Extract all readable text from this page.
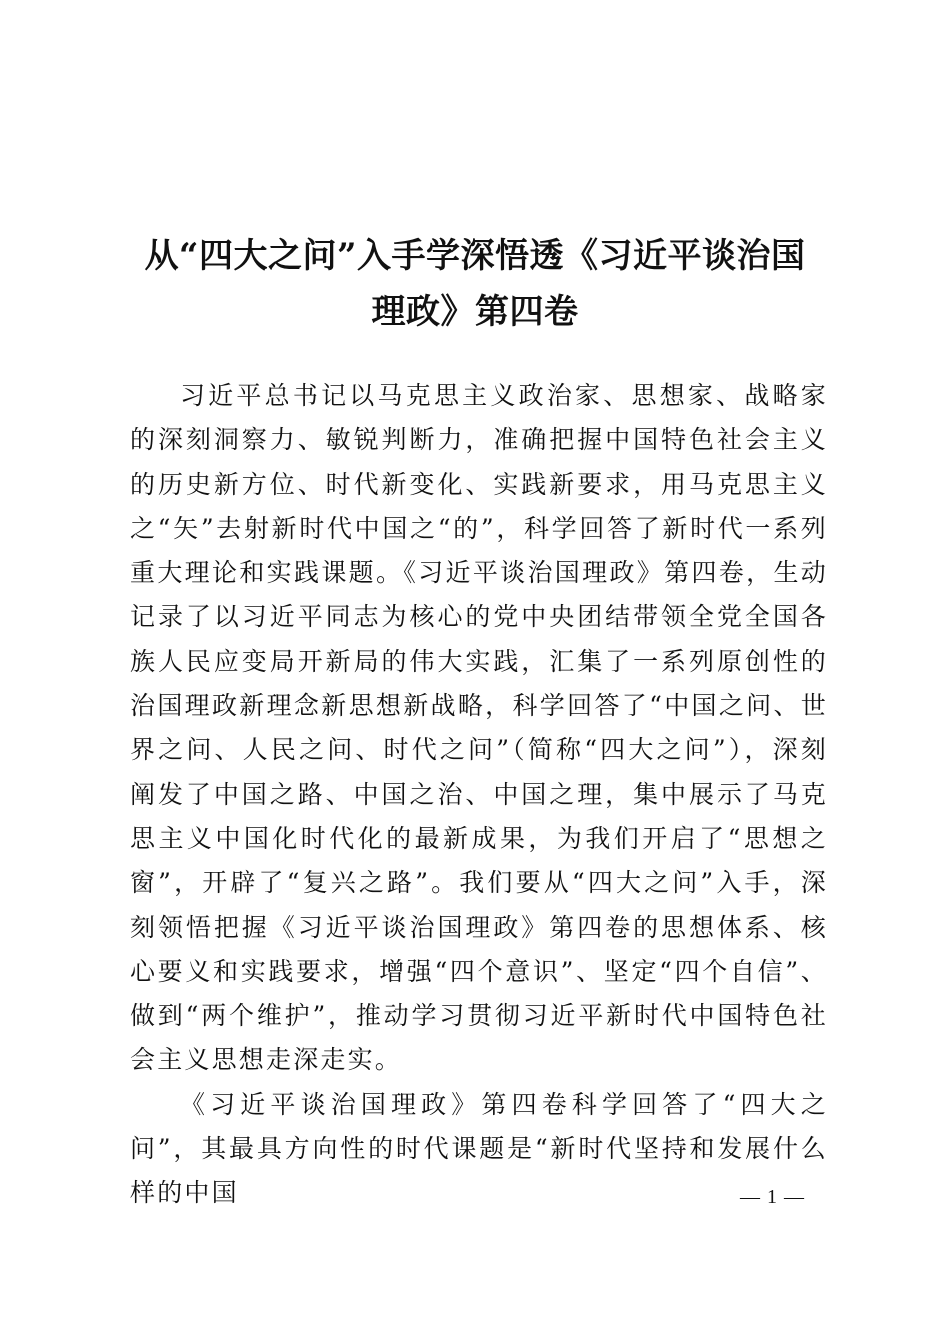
从“四大之问”入手学深悟透《习近平谈治国
理政》第四卷

习近平总书记以马克思主义政治家、思想家、战略家的深刻洞察力、敏锐判断力，准确把握中国特色社会主义的历史新方位、时代新变化、实践新要求，用马克思主义之“矢”去射新时代中国之“的”，科学回答了新时代一系列重大理论和实践课题。《习近平谈治国理政》第四卷，生动记录了以习近平同志为核心的党中央团结带领全党全国各族人民应变局开新局的伟大实践，汇集了一系列原创性的治国理政新理念新思想新战略，科学回答了“中国之问、世界之问、人民之问、时代之问”（简称“四大之问”），深刻阐发了中国之路、中国之治、中国之理，集中展示了马克思主义中国化时代化的最新成果，为我们开启了“思想之窗”，开辟了“复兴之路”。我们要从“四大之问”入手，深刻领悟把握《习近平谈治国理政》第四卷的思想体系、核心要义和实践要求，增强“四个意识”、坚定“四个自信”、做到“两个维护”，推动学习贯彻习近平新时代中国特色社会主义思想走深走实。

《习近平谈治国理政》第四卷科学回答了“四大之问”，其最具方向性的时代课题是“新时代坚持和发展什么样的中国	— 1 —
